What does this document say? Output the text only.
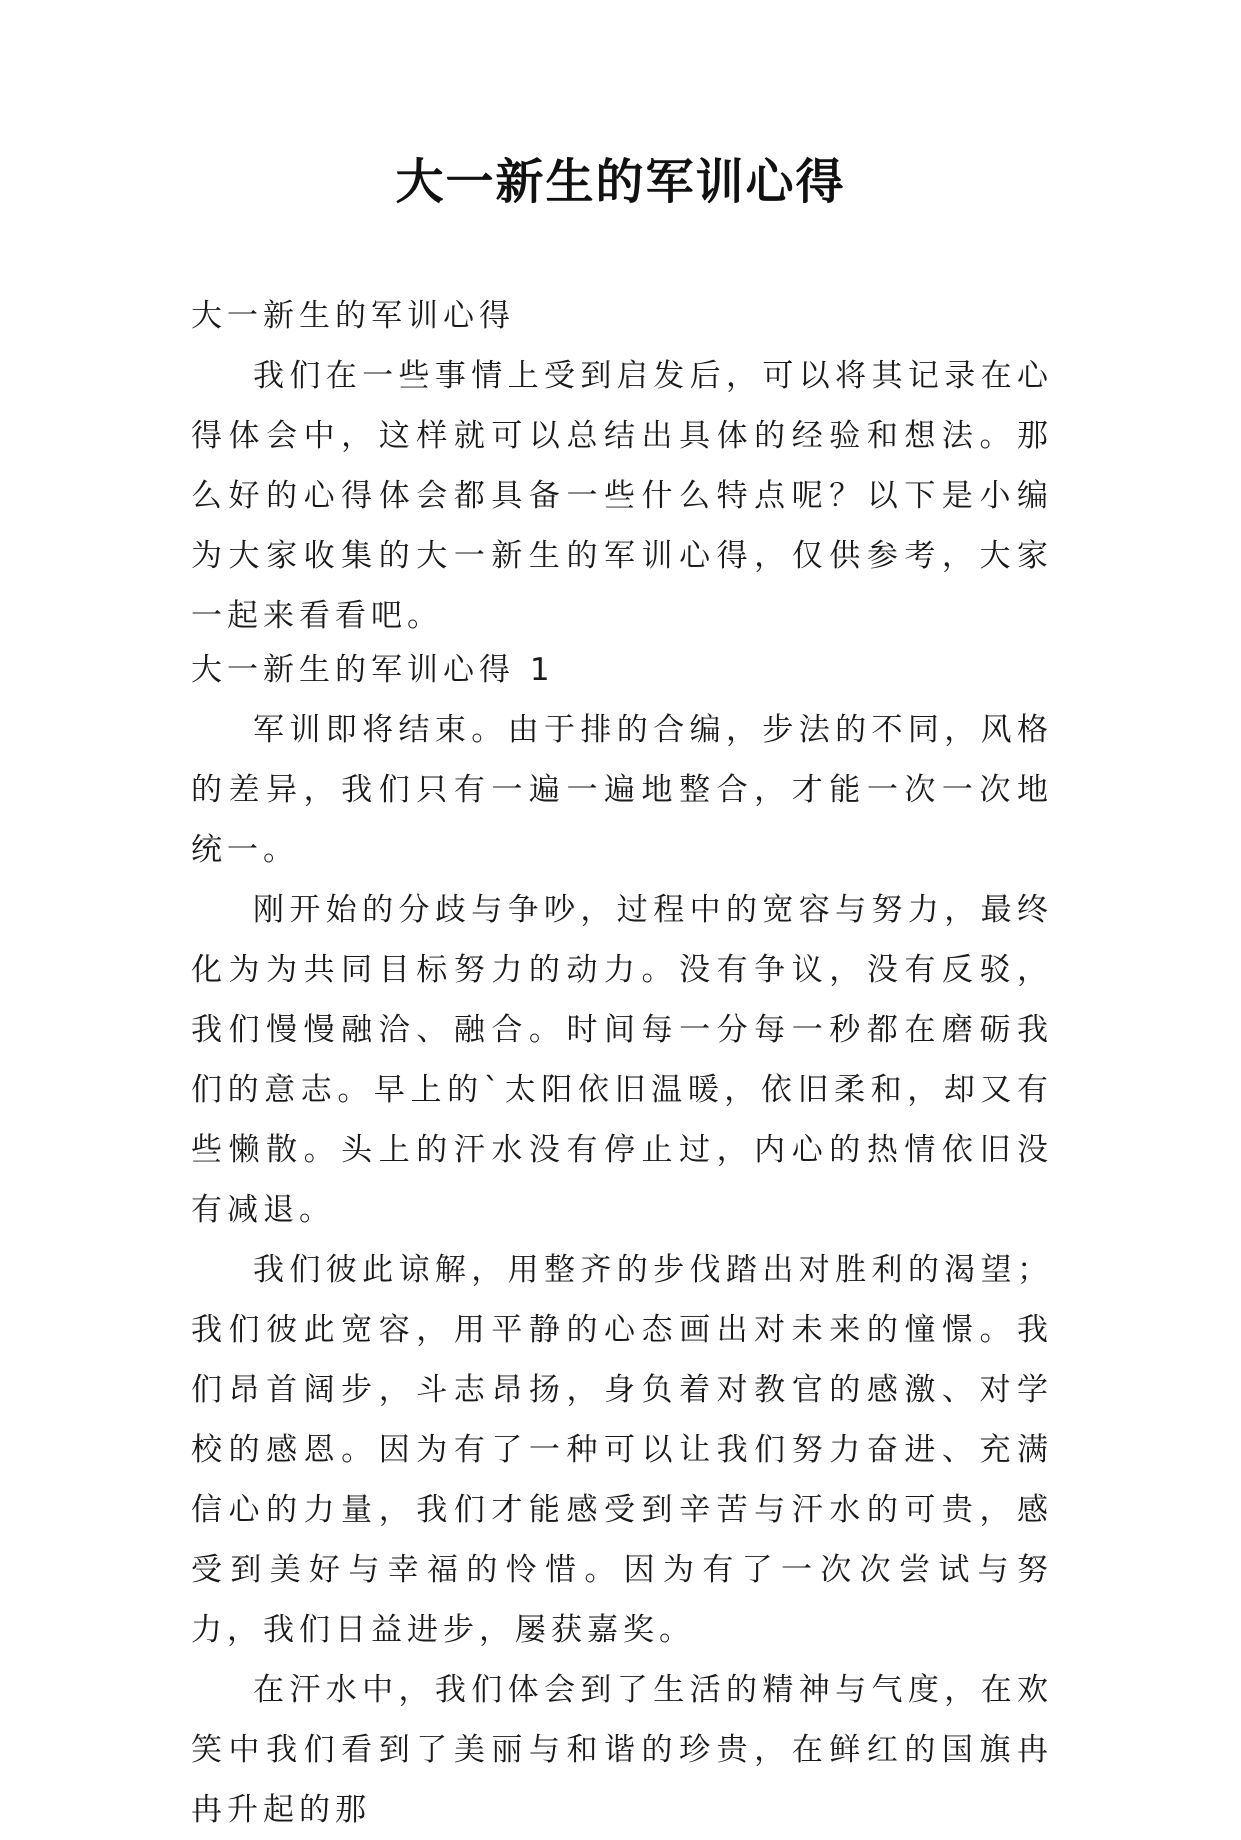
大一新生的军训心得

大一新生的军训心得

我们在一些事情上受到启发后，可以将其记录在心得体会中，这样就可以总结出具体的经验和想法。那么好的心得体会都具备一些什么特点呢？以下是小编为大家收集的大一新生的军训心得，仅供参考，大家一起来看看吧。

大一新生的军训心得 1

军训即将结束。由于排的合编，步法的不同，风格的差异，我们只有一遍一遍地整合，才能一次一次地统一。

刚开始的分歧与争吵，过程中的宽容与努力，最终化为为共同目标努力的动力。没有争议，没有反驳，我们慢慢融洽、融合。时间每一分每一秒都在磨砺我们的意志。早上的`太阳依旧温暖，依旧柔和，却又有些懒散。头上的汗水没有停止过，内心的热情依旧没有减退。

我们彼此谅解，用整齐的步伐踏出对胜利的渴望；我们彼此宽容，用平静的心态画出对未来的憧憬。我们昂首阔步，斗志昂扬，身负着对教官的感激、对学校的感恩。因为有了一种可以让我们努力奋进、充满信心的力量，我们才能感受到辛苦与汗水的可贵，感受到美好与幸福的怜惜。因为有了一次次尝试与努力，我们日益进步，屡获嘉奖。

在汗水中，我们体会到了生活的精神与气度，在欢笑中我们看到了美丽与和谐的珍贵，在鲜红的国旗冉冉升起的那
